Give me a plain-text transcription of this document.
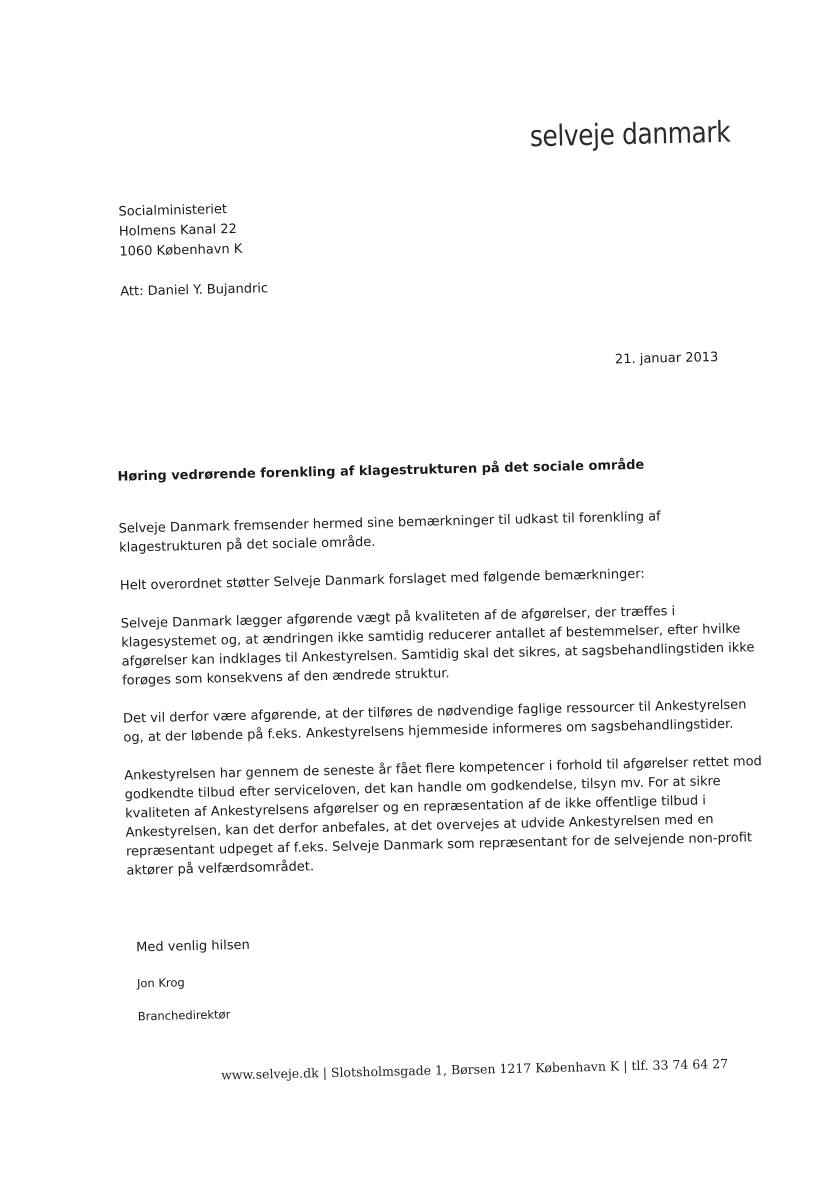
selveje danmark
Socialministeriet
Holmens Kanal 22
1060 København K
Att: Daniel Y. Bujandric
21. januar 2013
Høring vedrørende forenkling af klagestrukturen på det sociale område

Selveje Danmark fremsender hermed sine bemærkninger til udkast til forenkling af klagestrukturen på det sociale område.

Helt overordnet støtter Selveje Danmark forslaget med følgende bemærkninger:

Selveje Danmark lægger afgørende vægt på kvaliteten af de afgørelser, der træffes i klagesystemet og, at ændringen ikke samtidig reducerer antallet af bestemmelser, efter hvilke afgørelser kan indklages til Ankestyrelsen. Samtidig skal det sikres, at sagsbehandlingstiden ikke forøges som konsekvens af den ændrede struktur.

Det vil derfor være afgørende, at der tilføres de nødvendige faglige ressourcer til Ankestyrelsen og, at der løbende på f.eks. Ankestyrelsens hjemmeside informeres om sagsbehandlingstider.

Ankestyrelsen har gennem de seneste år fået flere kompetencer i forhold til afgørelser rettet mod godkendte tilbud efter serviceloven, det kan handle om godkendelse, tilsyn mv. For at sikre kvaliteten af Ankestyrelsens afgørelser og en repræsentation af de ikke offentlige tilbud i Ankestyrelsen, kan det derfor anbefales, at det overvejes at udvide Ankestyrelsen med en repræsentant udpeget af f.eks. Selveje Danmark som repræsentant for de selvejende non-profit aktører på velfærdsområdet.

Med venlig hilsen
Jon Krog
Branchedirektør
www.selveje.dk | Slotsholmsgade 1, Børsen 1217 København K | tlf. 33 74 64 27
